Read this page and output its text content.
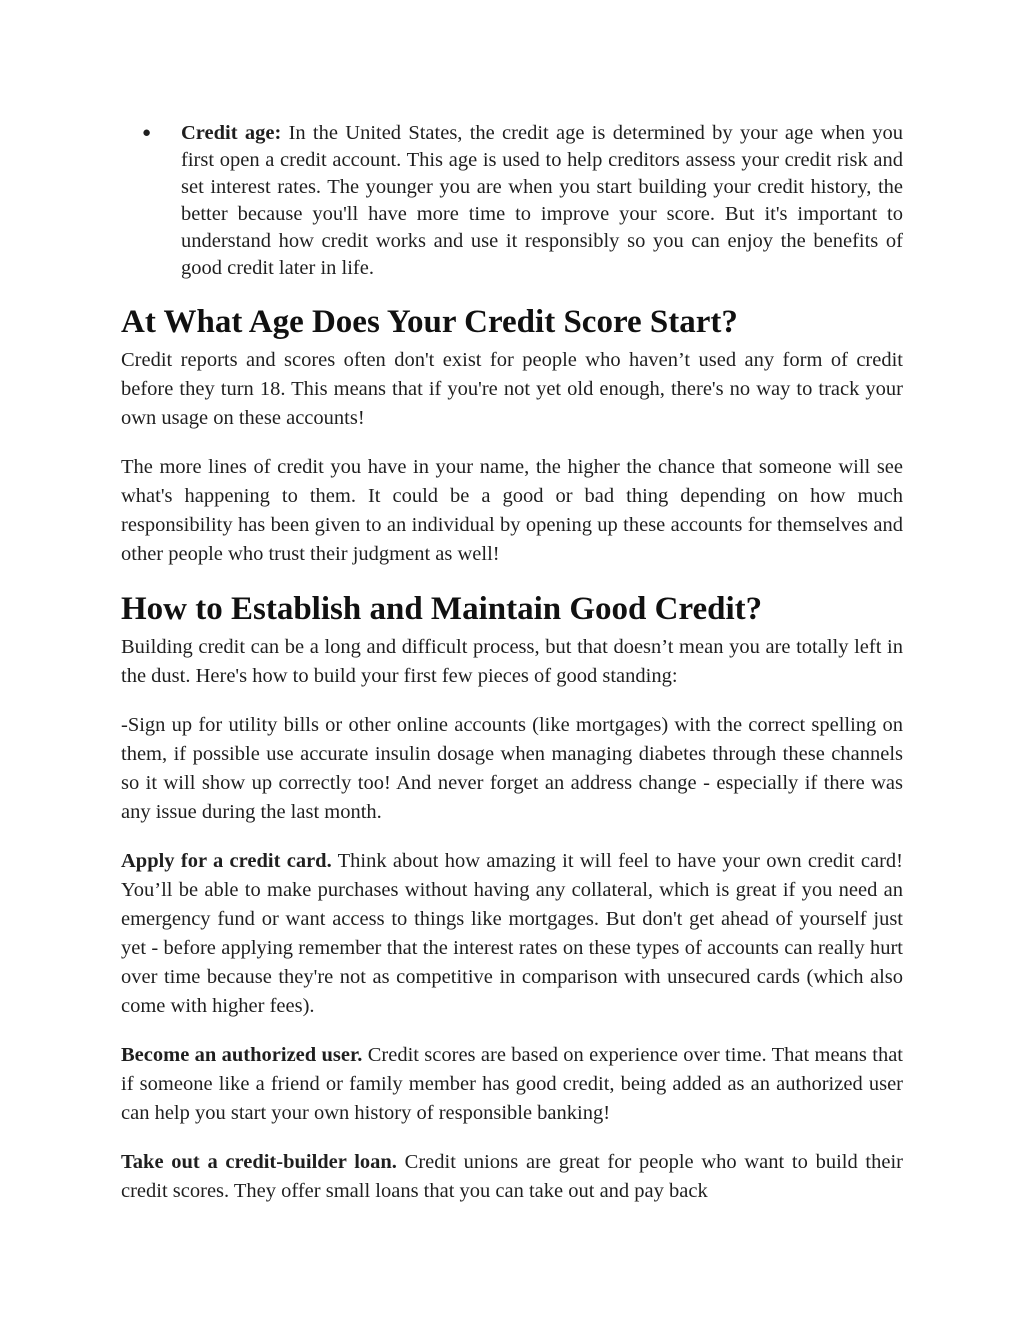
● Credit age: In the United States, the credit age is determined by your age when you first open a credit account. This age is used to help creditors assess your credit risk and set interest rates. The younger you are when you start building your credit history, the better because you'll have more time to improve your score. But it's important to understand how credit works and use it responsibly so you can enjoy the benefits of good credit later in life.
At What Age Does Your Credit Score Start?

Credit reports and scores often don't exist for people who haven’t used any form of credit before they turn 18. This means that if you're not yet old enough, there's no way to track your own usage on these accounts!

The more lines of credit you have in your name, the higher the chance that someone will see what's happening to them. It could be a good or bad thing depending on how much responsibility has been given to an individual by opening up these accounts for themselves and other people who trust their judgment as well!

How to Establish and Maintain Good Credit?

Building credit can be a long and difficult process, but that doesn’t mean you are totally left in the dust. Here's how to build your first few pieces of good standing:

-Sign up for utility bills or other online accounts (like mortgages) with the correct spelling on them, if possible use accurate insulin dosage when managing diabetes through these channels so it will show up correctly too! And never forget an address change - especially if there was any issue during the last month.

Apply for a credit card. Think about how amazing it will feel to have your own credit card! You’ll be able to make purchases without having any collateral, which is great if you need an emergency fund or want access to things like mortgages. But don't get ahead of yourself just yet - before applying remember that the interest rates on these types of accounts can really hurt over time because they're not as competitive in comparison with unsecured cards (which also come with higher fees).

Become an authorized user. Credit scores are based on experience over time. That means that if someone like a friend or family member has good credit, being added as an authorized user can help you start your own history of responsible banking!

Take out a credit-builder loan. Credit unions are great for people who want to build their credit scores. They offer small loans that you can take out and pay back
